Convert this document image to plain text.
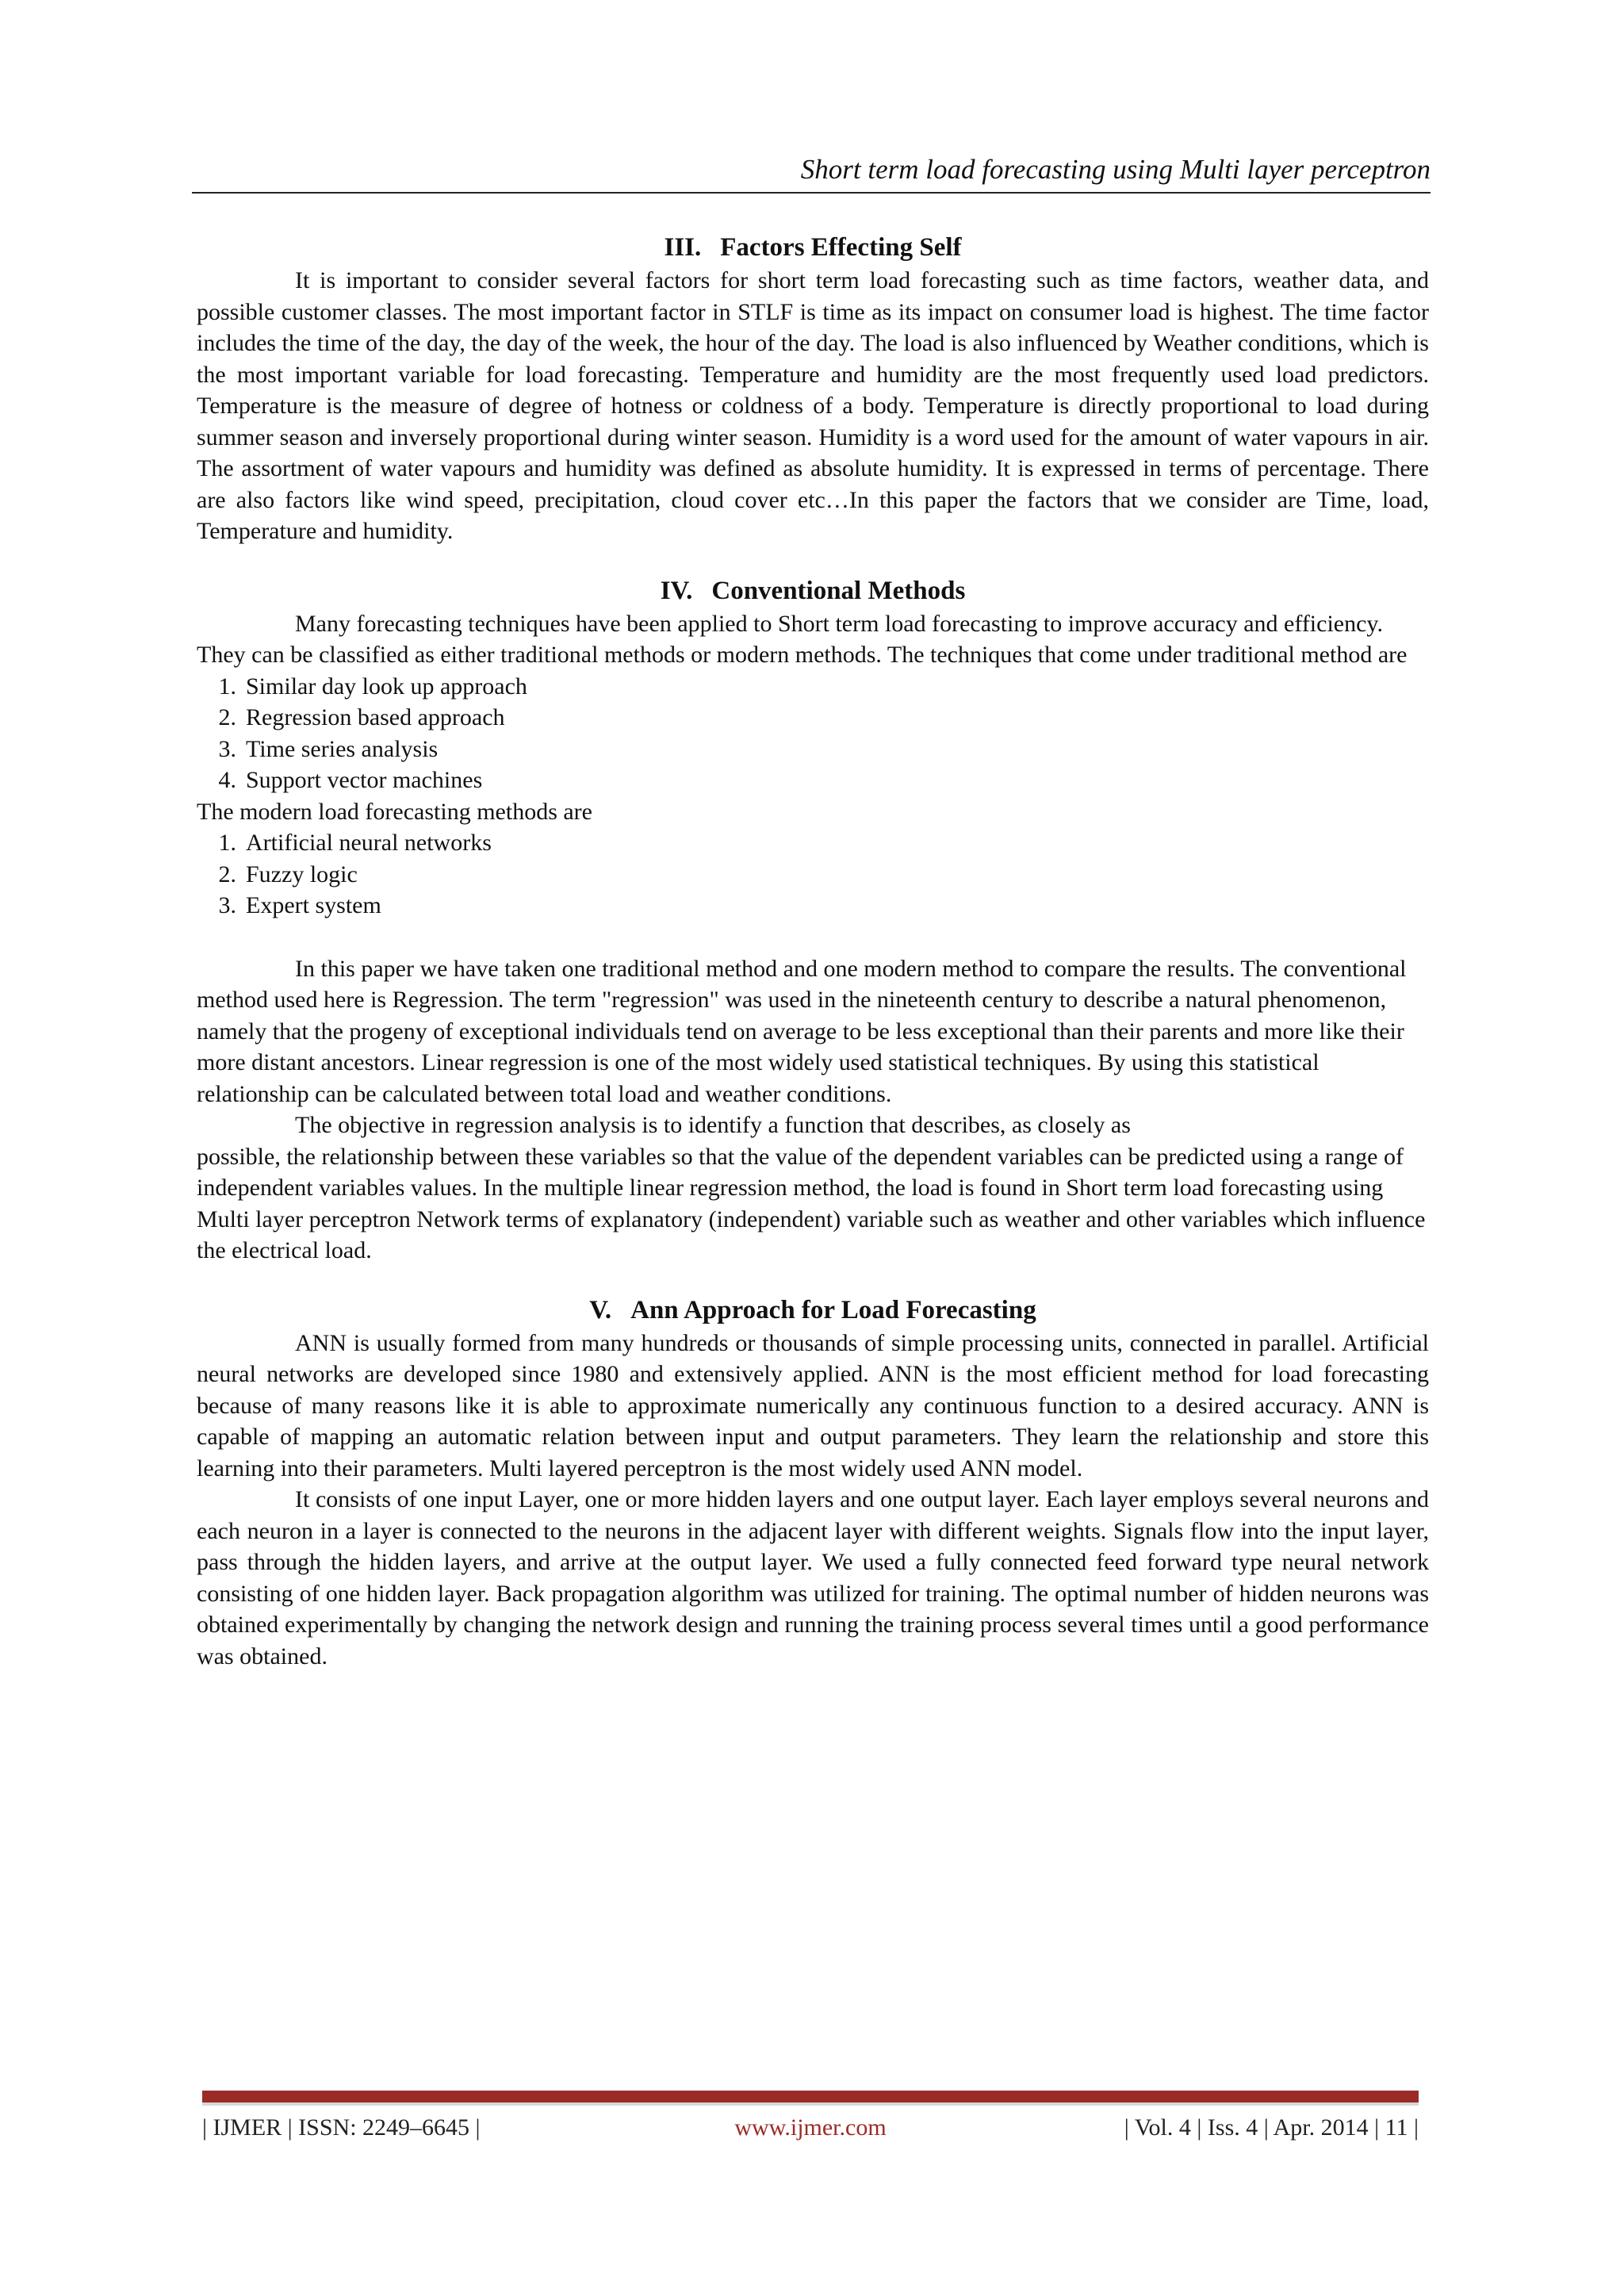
Short term load forecasting using Multi layer perceptron
III. Factors Effecting Self

It is important to consider several factors for short term load forecasting such as time factors, weather data, and possible customer classes. The most important factor in STLF is time as its impact on consumer load is highest. The time factor includes the time of the day, the day of the week, the hour of the day. The load is also influenced by Weather conditions, which is the most important variable for load forecasting. Temperature and humidity are the most frequently used load predictors. Temperature is the measure of degree of hotness or coldness of a body. Temperature is directly proportional to load during summer season and inversely proportional during winter season. Humidity is a word used for the amount of water vapours in air. The assortment of water vapours and humidity was defined as absolute humidity. It is expressed in terms of percentage. There are also factors like wind speed, precipitation, cloud cover etc…In this paper the factors that we consider are Time, load, Temperature and humidity.

IV. Conventional Methods

Many forecasting techniques have been applied to Short term load forecasting to improve accuracy and efficiency. They can be classified as either traditional methods or modern methods. The techniques that come under traditional method are

1. Similar day look up approach
2. Regression based approach
3. Time series analysis
4. Support vector machines

The modern load forecasting methods are

1. Artificial neural networks
2. Fuzzy logic
3. Expert system

In this paper we have taken one traditional method and one modern method to compare the results. The conventional method used here is Regression. The term "regression" was used in the nineteenth century to describe a natural phenomenon, namely that the progeny of exceptional individuals tend on average to be less exceptional than their parents and more like their more distant ancestors. Linear regression is one of the most widely used statistical techniques. By using this statistical relationship can be calculated between total load and weather conditions.

The objective in regression analysis is to identify a function that describes, as closely as

possible, the relationship between these variables so that the value of the dependent variables can be predicted using a range of independent variables values. In the multiple linear regression method, the load is found in Short term load forecasting using Multi layer perceptron Network terms of explanatory (independent) variable such as weather and other variables which influence the electrical load.

V. Ann Approach for Load Forecasting

ANN is usually formed from many hundreds or thousands of simple processing units, connected in parallel. Artificial neural networks are developed since 1980 and extensively applied. ANN is the most efficient method for load forecasting because of many reasons like it is able to approximate numerically any continuous function to a desired accuracy. ANN is capable of mapping an automatic relation between input and output parameters. They learn the relationship and store this learning into their parameters. Multi layered perceptron is the most widely used ANN model.

It consists of one input Layer, one or more hidden layers and one output layer. Each layer employs several neurons and each neuron in a layer is connected to the neurons in the adjacent layer with different weights. Signals flow into the input layer, pass through the hidden layers, and arrive at the output layer. We used a fully connected feed forward type neural network consisting of one hidden layer. Back propagation algorithm was utilized for training. The optimal number of hidden neurons was obtained experimentally by changing the network design and running the training process several times until a good performance was obtained.

| IJMER | ISSN: 2249–6645 |	www.ijmer.com	| Vol. 4 | Iss. 4 | Apr. 2014 | 11 |
